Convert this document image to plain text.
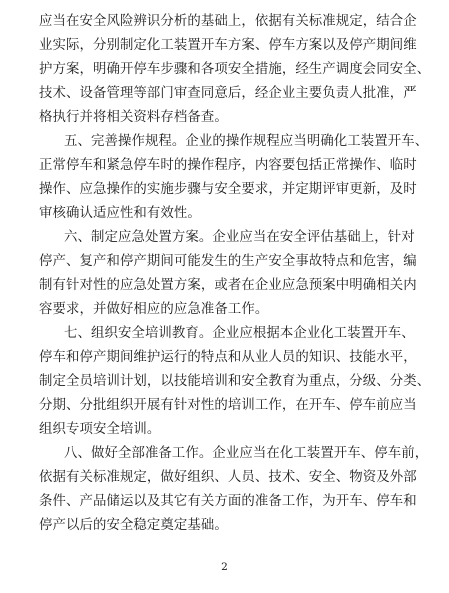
应当在安全风险辨识分析的基础上，依据有关标准规定，结合企
业实际，分别制定化工装置开车方案、停车方案以及停产期间维
护方案，明确开停车步骤和各项安全措施，经生产调度会同安全、
技术、设备管理等部门审查同意后，经企业主要负责人批准，严
格执行并将相关资料存档备查。
五、完善操作规程。企业的操作规程应当明确化工装置开车、
正常停车和紧急停车时的操作程序，内容要包括正常操作、临时
操作、应急操作的实施步骤与安全要求，并定期评审更新，及时
审核确认适应性和有效性。
六、制定应急处置方案。企业应当在安全评估基础上，针对
停产、复产和停产期间可能发生的生产安全事故特点和危害，编
制有针对性的应急处置方案，或者在企业应急预案中明确相关内
容要求，并做好相应的应急准备工作。
七、组织安全培训教育。企业应根据本企业化工装置开车、
停车和停产期间维护运行的特点和从业人员的知识、技能水平，
制定全员培训计划，以技能培训和安全教育为重点，分级、分类、
分期、分批组织开展有针对性的培训工作，在开车、停车前应当
组织专项安全培训。
八、做好全部准备工作。企业应当在化工装置开车、停车前，
依据有关标准规定，做好组织、人员、技术、安全、物资及外部
条件、产品储运以及其它有关方面的准备工作，为开车、停车和
停产以后的安全稳定奠定基础。
2
